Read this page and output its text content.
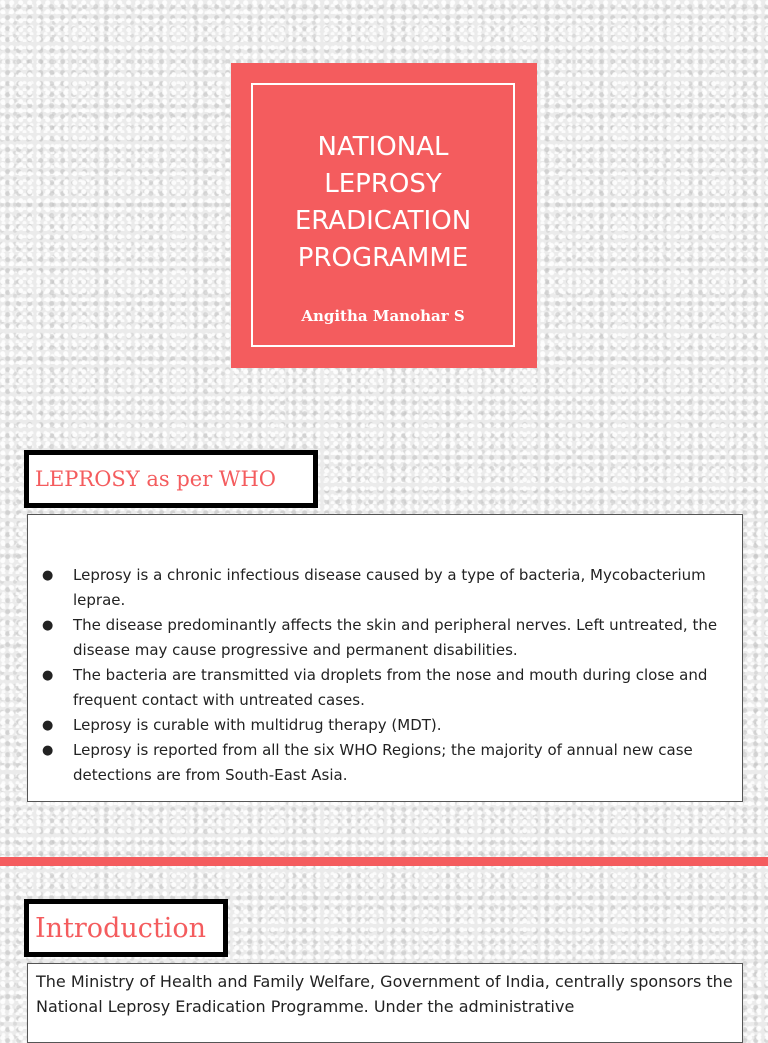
NATIONAL LEPROSY ERADICATION PROGRAMME
Angitha Manohar S
LEPROSY as per WHO
● Leprosy is a chronic infectious disease caused by a type of bacteria, Mycobacterium leprae.
● The disease predominantly affects the skin and peripheral nerves. Left untreated, the disease may cause progressive and permanent disabilities.
● The bacteria are transmitted via droplets from the nose and mouth during close and frequent contact with untreated cases.
● Leprosy is curable with multidrug therapy (MDT).
● Leprosy is reported from all the six WHO Regions; the majority of annual new case detections are from South-East Asia.
Introduction
The Ministry of Health and Family Welfare, Government of India, centrally sponsors the National Leprosy Eradication Programme. Under the administrative
